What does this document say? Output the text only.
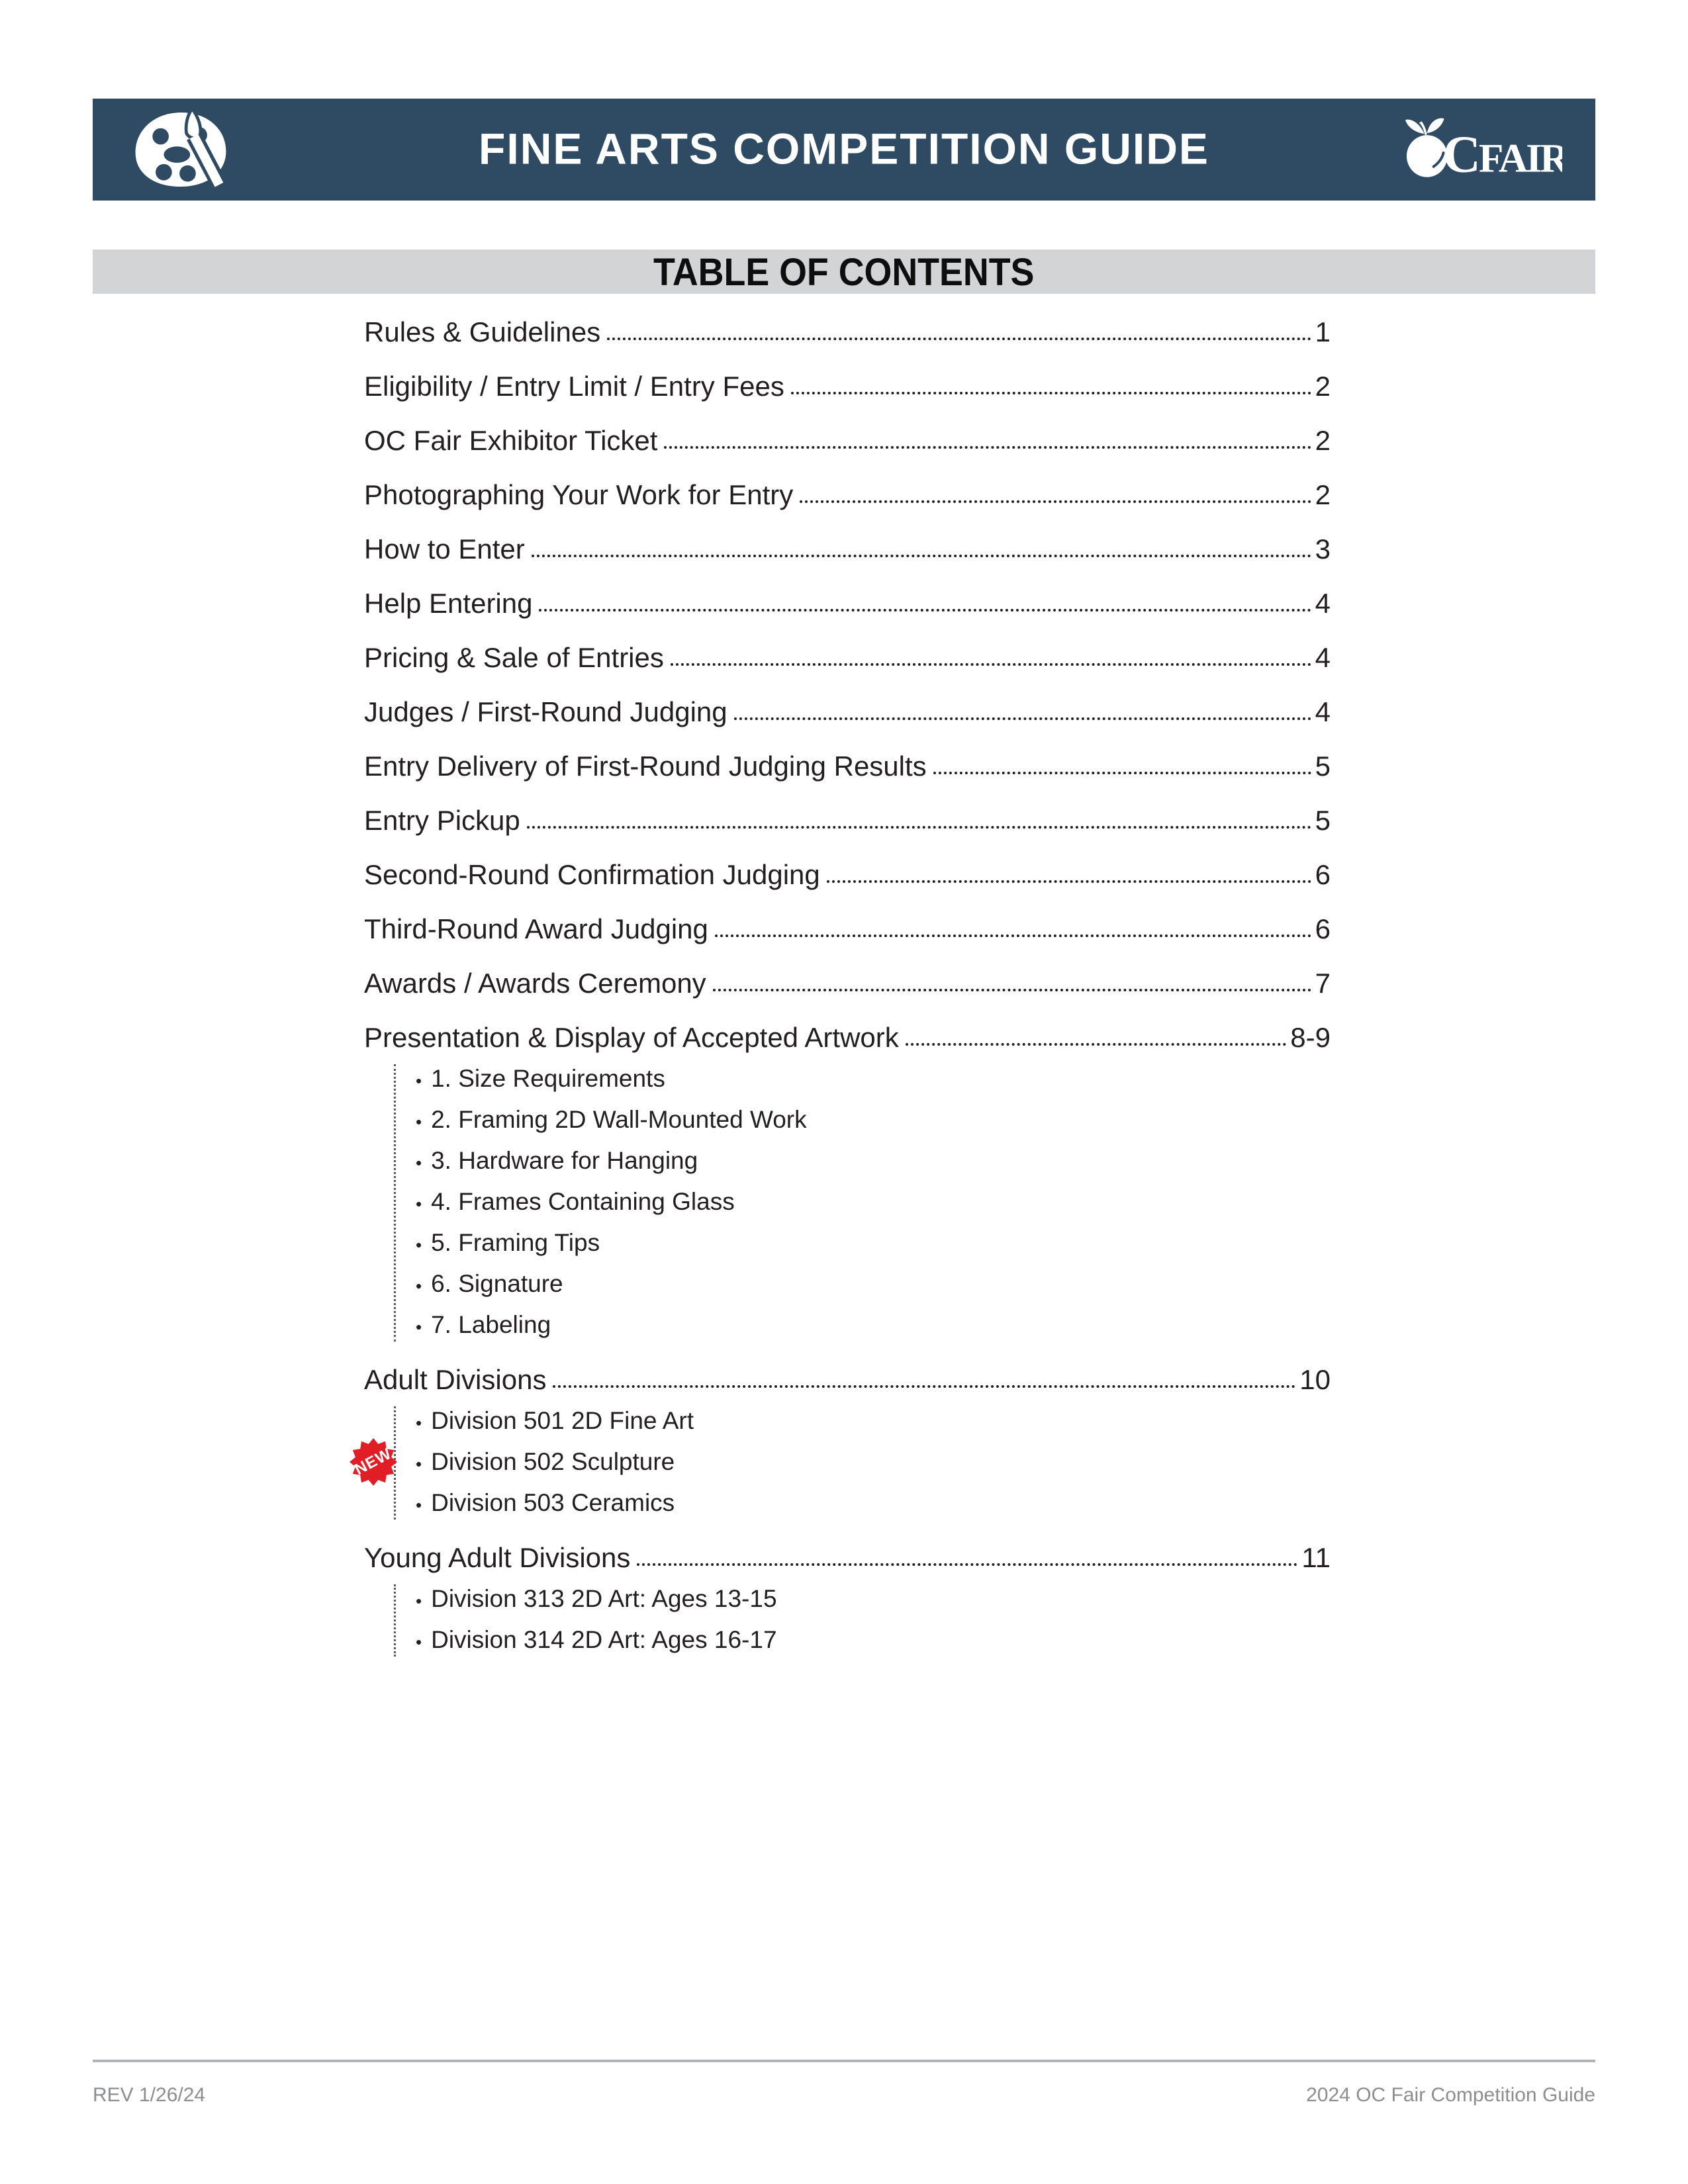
FINE ARTS COMPETITION GUIDE	CFAIR
TABLE OF CONTENTS
Rules & Guidelines	1
Eligibility / Entry Limit / Entry Fees	2
OC Fair Exhibitor Ticket	2
Photographing Your Work for Entry	2
How to Enter	3
Help Entering	4
Pricing & Sale of Entries	4
Judges / First-Round Judging	4
Entry Delivery of First-Round Judging Results	5
Entry Pickup	5
Second-Round Confirmation Judging	6
Third-Round Award Judging	6
Awards / Awards Ceremony	7
Presentation & Display of Accepted Artwork	8-9
• 1. Size Requirements
• 2. Framing 2D Wall-Mounted Work
• 3. Hardware for Hanging
• 4. Frames Containing Glass
• 5. Framing Tips
• 6. Signature
• 7. Labeling
Adult Divisions	10
• Division 501 2D Fine Art
NEW	• Division 502 Sculpture
• Division 503 Ceramics
Young Adult Divisions	11
• Division 313 2D Art: Ages 13-15
• Division 314 2D Art: Ages 16-17
REV 1/26/24	2024 OC Fair Competition Guide
